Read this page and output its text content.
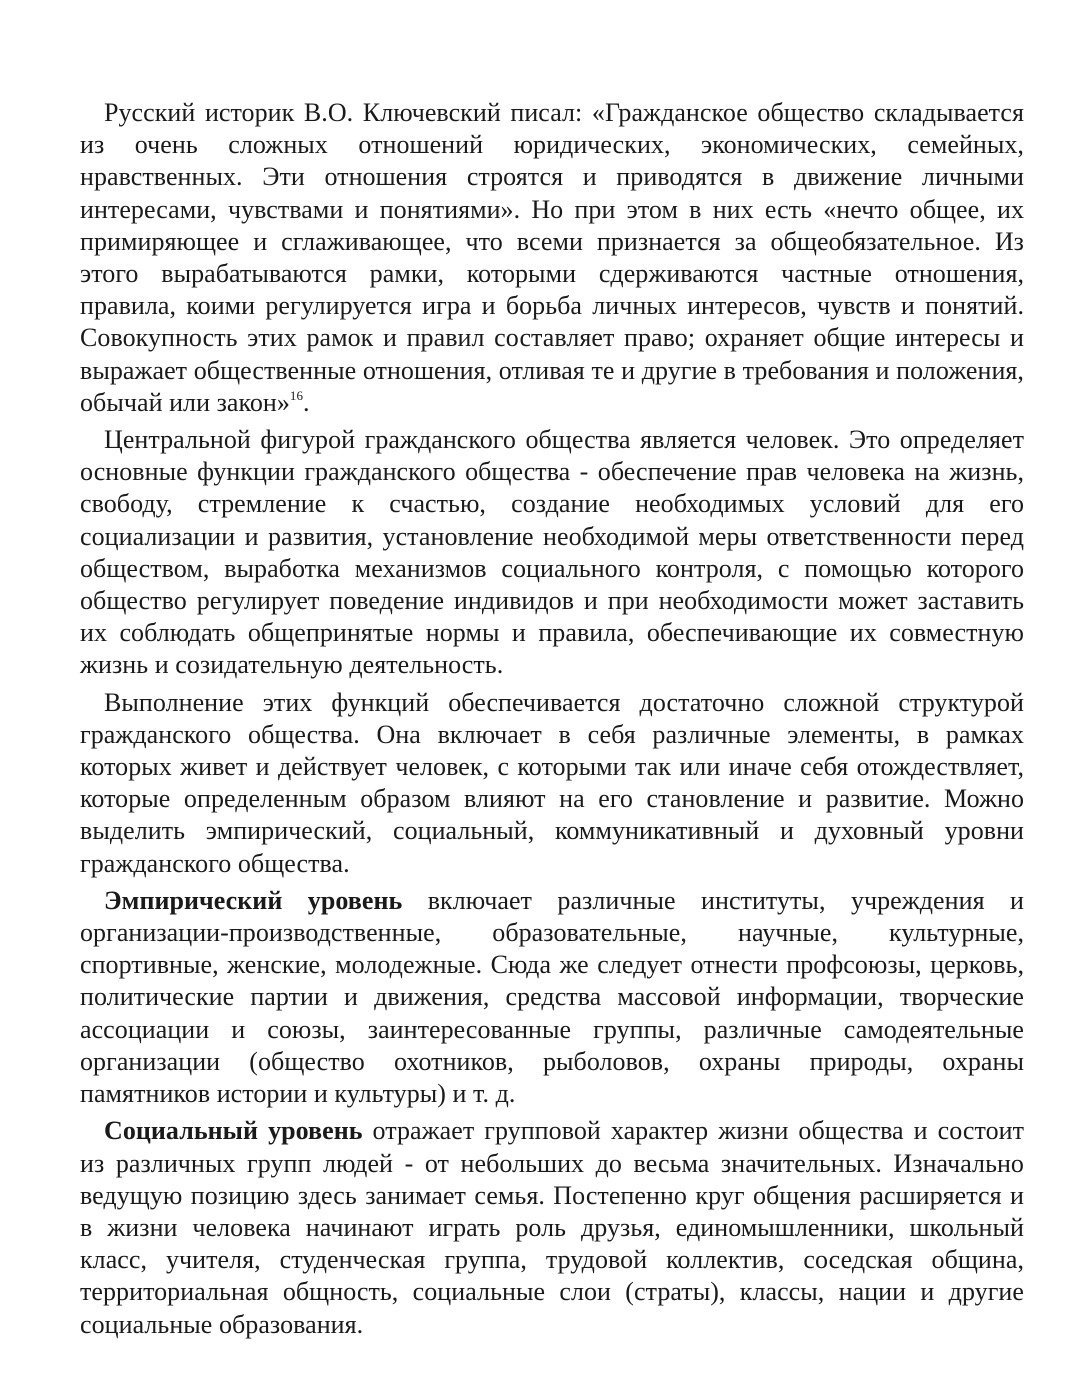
Русский историк В.О. Ключевский писал: «Гражданское общество складывается из очень сложных отношений юридических, экономических, семейных, нравственных. Эти отношения строятся и приводятся в движение личными интересами, чувствами и понятиями». Но при этом в них есть «нечто общее, их примиряющее и сглаживающее, что всеми признается за общеобязательное. Из этого вырабатываются рамки, которыми сдерживаются частные отношения, правила, коими регулируется игра и борьба личных интересов, чувств и понятий. Совокупность этих рамок и правил составляет право; охраняет общие интересы и выражает общественные отношения, отливая те и другие в требования и положения, обычай или закон»$^{16}$.

Центральной фигурой гражданского общества является человек. Это определяет основные функции гражданского общества - обеспечение прав человека на жизнь, свободу, стремление к счастью, создание необходимых условий для его социализации и развития, установление необходимой меры ответственности перед обществом, выработка механизмов социального контроля, с помощью которого общество регулирует поведение индивидов и при необходимости может заставить их соблюдать общепринятые нормы и правила, обеспечивающие их совместную жизнь и созидательную деятельность.

Выполнение этих функций обеспечивается достаточно сложной структурой гражданского общества. Она включает в себя различные элементы, в рамках которых живет и действует человек, с которыми так или иначе себя отождествляет, которые определенным образом влияют на его становление и развитие. Можно выделить эмпирический, социальный, коммуникативный и духовный уровни гражданского общества.

Эмпирический уровень включает различные институты, учреждения и организации-производственные, образовательные, научные, культурные, спортивные, женские, молодежные. Сюда же следует отнести профсоюзы, церковь, политические партии и движения, средства массовой информации, творческие ассоциации и союзы, заинтересованные группы, различные самодеятельные организации (общество охотников, рыболовов, охраны природы, охраны памятников истории и культуры) и т. д.

Социальный уровень отражает групповой характер жизни общества и состоит из различных групп людей - от небольших до весьма значительных. Изначально ведущую позицию здесь занимает семья. Постепенно круг общения расширяется и в жизни человека начинают играть роль друзья, единомышленники, школьный класс, учителя, студенческая группа, трудовой коллектив, соседская община, территориальная общность, социальные слои (страты), классы, нации и другие социальные образования.
